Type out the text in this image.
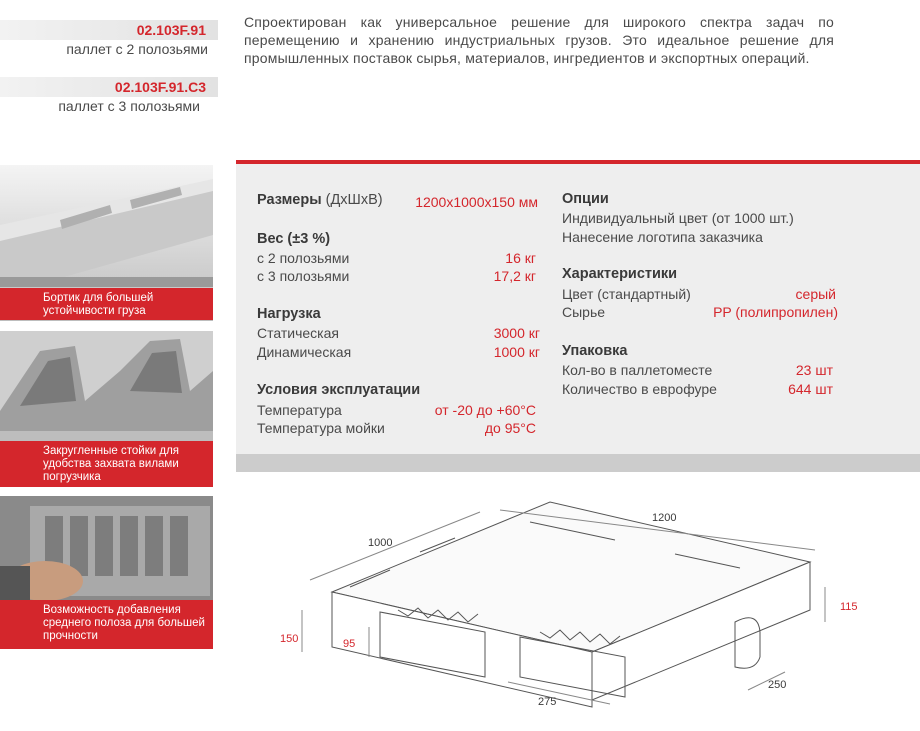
02.103F.91
паллет с 2 полозьями
02.103F.91.C3
паллет с 3 полозьями

Спроектирован как универсальное решение для широкого спектра задач по перемещению и хранению индустриальных грузов. Это идеальное решение для промышленных поставок сырья, материалов, ингредиентов и экспортных операций.

Бортик для большей устойчивости груза
Закругленные стойки для удобства захвата вилами погрузчика
Возможность добавления среднего полоза для большей прочности
Размеры (ДхШхВ)	1200x1000x150 мм
Вес (±3 %)
с 2 полозьями	16 кг
с 3 полозьями	17,2 кг
Нагрузка
Статическая	3000 кг
Динамическая	1000 кг
Условия эксплуатации
Температура	от -20 до +60°С
Температура мойки	до 95°С
Опции
Индивидуальный цвет (от 1000 шт.)
Нанесение логотипа заказчика
Характеристики
Цвет (стандартный)	серый
Сырье	PP (полипропилен)
Упаковка
Кол-во в паллетоместе	23 шт
Количество в еврофуре	644 шт
1200
1000
150
115
95
275
250
